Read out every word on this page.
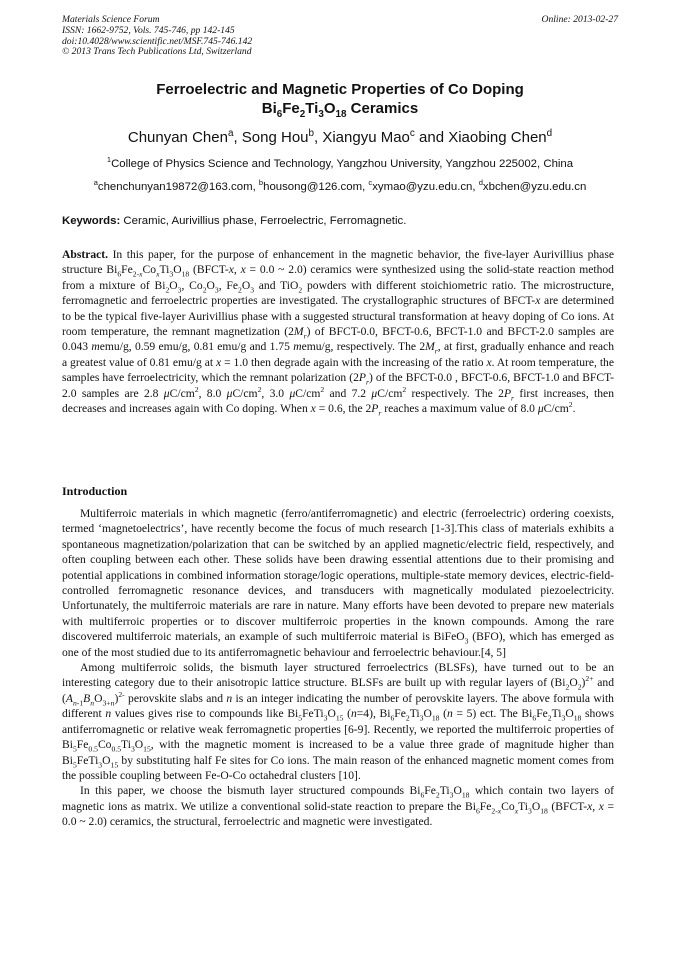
Materials Science Forum
ISSN: 1662-9752, Vols. 745-746, pp 142-145
doi:10.4028/www.scientific.net/MSF.745-746.142
© 2013 Trans Tech Publications Ltd, Switzerland
Online: 2013-02-27
Ferroelectric and Magnetic Properties of Co Doping
$Bi_6Fe_2Ti_3O_{18}$ Ceramics
Chunyan Chen$^a$, Song Hou$^b$, Xiangyu Mao$^c$ and Xiaobing Chen$^d$
$^1$College of Physics Science and Technology, Yangzhou University, Yangzhou 225002, China
$^a$chenchunyan19872@163.com, $^b$housong@126.com, $^c$xymao@yzu.edu.cn, $^d$xbchen@yzu.edu.cn
Keywords: Ceramic, Aurivillius phase, Ferroelectric, Ferromagnetic.
Abstract. In this paper, for the purpose of enhancement in the magnetic behavior, the five-layer Aurivillius phase structure $Bi_6Fe_{2-x}Co_xTi_3O_{18}$ (BFCT-x, x = 0.0 ~ 2.0) ceramics were synthesized using the solid-state reaction method from a mixture of $Bi_2O_3$, $Co_2O_3$, $Fe_2O_3$ and TiO$_2$ powders with different stoichiometric ratio. The microstructure, ferromagnetic and ferroelectric properties are investigated. The crystallographic structures of BFCT-x are determined to be the typical five-layer Aurivillius phase with a suggested structural transformation at heavy doping of Co ions. At room temperature, the remnant magnetization $(2M_r)$ of BFCT-0.0, BFCT-0.6, BFCT-1.0 and BFCT-2.0 samples are 0.043 memu/g, 0.59 emu/g, 0.81 emu/g and 1.75 memu/g, respectively. The $2M_r$, at first, gradually enhance and reach a greatest value of 0.81 emu/g at x = 1.0 then degrade again with the increasing of the ratio x. At room temperature, the samples have ferroelectricity, which the remnant polarization $(2P_r)$ of the BFCT-0.0 , BFCT-0.6, BFCT-1.0 and BFCT-2.0 samples are 2.8 $\mu C/cm^2$, 8.0 $\mu C/cm^2$, 3.0 $\mu C/cm^2$ and 7.2 $\mu C/cm^2$ respectively. The $2P_r$ first increases, then decreases and increases again with Co doping. When x = 0.6, the $2P_r$ reaches a maximum value of 8.0 $\mu C/cm^2$.
Introduction

Multiferroic materials in which magnetic (ferro/antiferromagnetic) and electric (ferroelectric) ordering coexists, termed ‘magnetoelectrics’, have recently become the focus of much research [1-3].This class of materials exhibits a spontaneous magnetization/polarization that can be switched by an applied magnetic/electric field, respectively, and often coupling between each other. These solids have been drawing essential attentions due to their promising and potential applications in combined information storage/logic operations, multiple-state memory devices, electric-field-controlled ferromagnetic resonance devices, and transducers with magnetically modulated piezoelectricity. Unfortunately, the multiferroic materials are rare in nature. Many efforts have been devoted to prepare new materials with multiferroic properties or to discover multiferroic properties in the known compounds. Among the rare discovered multiferroic materials, an example of such multiferroic material is BiFeO$_3$ (BFO), which has emerged as one of the most studied due to its antiferromagnetic behaviour and ferroelectric behaviour.[4, 5]

Among multiferroic solids, the bismuth layer structured ferroelectrics (BLSFs), have turned out to be an interesting category due to their anisotropic lattice structure. BLSFs are built up with regular layers of $(Bi_2O_2)^{2+}$ and $(A_{n-1}B_nO_{3+n})^{2-}$ perovskite slabs and n is an integer indicating the number of perovskite layers. The above formula with different n values gives rise to compounds like $Bi_5FeTi_3O_{15}$ (n=4), $Bi_6Fe_2Ti_3O_{18}$ (n = 5) ect. The $Bi_6Fe_2Ti_3O_{18}$ shows antiferromagnetic or relative weak ferromagnetic properties [6-9]. Recently, we reported the multiferroic properties of $Bi_5Fe_{0.5}Co_{0.5}Ti_3O_{15}$, with the magnetic moment is increased to be a value three grade of magnitude higher than $Bi_5FeTi_3O_{15}$ by substituting half Fe sites for Co ions. The main reason of the enhanced magnetic moment comes from the possible coupling between Fe-O-Co octahedral clusters [10].

In this paper, we choose the bismuth layer structured compounds $Bi_6Fe_2Ti_3O_{18}$ which contain two layers of magnetic ions as matrix. We utilize a conventional solid-state reaction to prepare the $Bi_6Fe_{2-x}Co_xTi_3O_{18}$ (BFCT-x, x = 0.0 ~ 2.0) ceramics, the structural, ferroelectric and magnetic were investigated.
